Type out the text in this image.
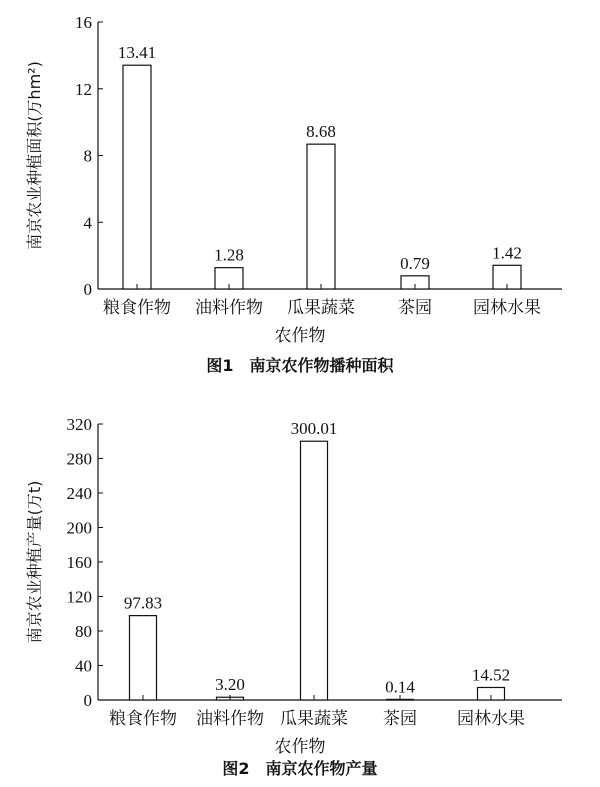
0
4
8
12
16
13.41
粮食作物
1.28
油料作物
8.68
瓜果蔬菜
0.79
茶园
1.42
园林水果
农作物
南京农业种植面积(万hm²)
图1　南京农作物播种面积
0
40
80
120
160
200
240
280
320
97.83
粮食作物
3.20
油料作物
300.01
瓜果蔬菜
0.14
茶园
14.52
园林水果
农作物
南京农业种植产量(万t)
图2　南京农作物产量
